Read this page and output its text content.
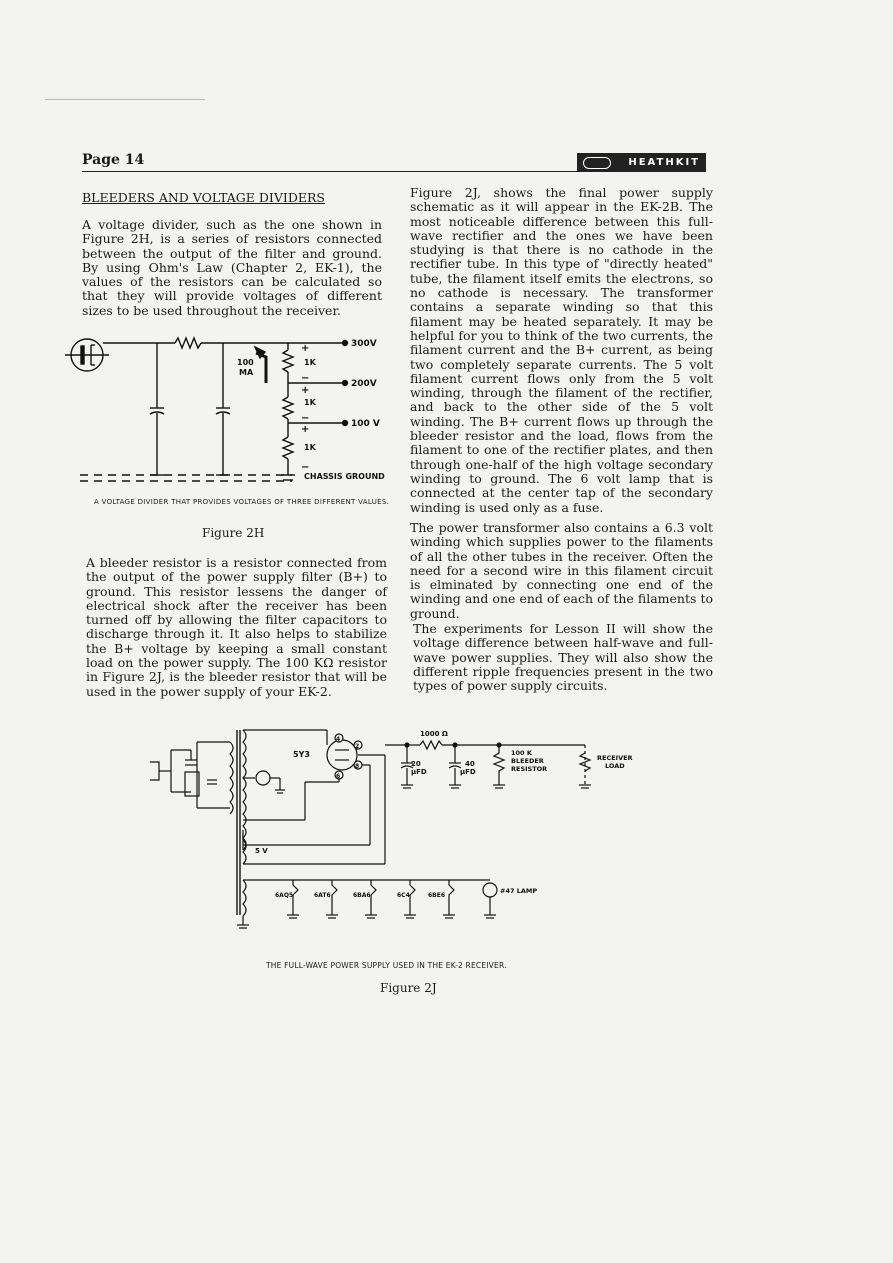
Page 14	HEATHKIT
BLEEDERS AND VOLTAGE DIVIDERS

A voltage divider, such as the one shown in Figure 2H, is a series of resistors connected between the output of the filter and ground. By using Ohm's Law (Chapter 2, EK-1), the values of the resistors can be calculated so that they will provide voltages of different sizes to be used throughout the receiver.

300V
200V
100 V
1K
1K
1K
100
MA
CHASSIS GROUND
+
−
+
−
+
−
A VOLTAGE DIVIDER THAT PROVIDES VOLTAGES OF THREE DIFFERENT VALUES.
Figure 2H

A bleeder resistor is a resistor connected from the output of the power supply filter (B+) to ground. This resistor lessens the danger of electrical shock after the receiver has been turned off by allowing the filter capacitors to discharge through it. It also helps to stabilize the B+ voltage by keeping a small constant load on the power supply. The 100 KΩ resistor in Figure 2J, is the bleeder resistor that will be used in the power supply of your EK-2.

Figure 2J, shows the final power supply schematic as it will appear in the EK-2B. The most noticeable difference between this full-wave rectifier and the ones we have been studying is that there is no cathode in the rectifier tube. In this type of "directly heated" tube, the filament itself emits the electrons, so no cathode is necessary. The transformer contains a separate winding so that this filament may be heated separately. It may be helpful for you to think of the two currents, the filament current and the B+ current, as being two completely separate currents. The 5 volt filament current flows only from the 5 volt winding, through the filament of the rectifier, and back to the other side of the 5 volt winding. The B+ current flows up through the bleeder resistor and the load, flows from the filament to one of the rectifier plates, and then through one-half of the high voltage secondary winding to ground. The 6 volt lamp that is connected at the center tap of the secondary winding is used only as a fuse.

The power transformer also contains a 6.3 volt winding which supplies power to the filaments of all the other tubes in the receiver. Often the need for a second wire in this filament circuit is elminated by connecting one end of the winding and one end of each of the filaments to ground.

The experiments for Lesson II will show the voltage difference between half-wave and full-wave power supplies. They will also show the different ripple frequencies present in the two types of power supply circuits.

5Y3
4
2
8
6
1000 Ω
20
μFD
40
μFD
100 K
BLEEDER
RESISTOR
RECEIVER
LOAD
5 V
6AQ5	6AT6	6BA6	6C4	6BE6
#47 LAMP
THE FULL-WAVE POWER SUPPLY USED IN THE EK-2 RECEIVER.
Figure 2J
